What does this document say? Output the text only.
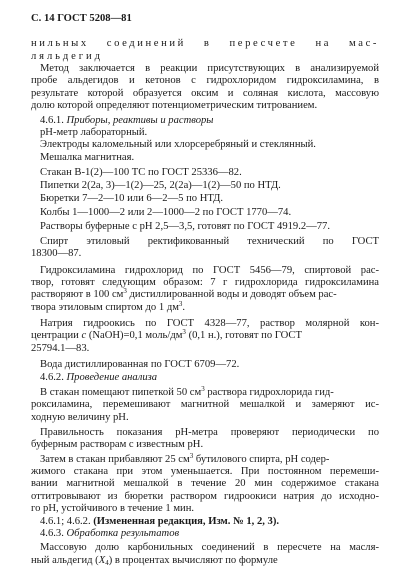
С. 14 ГОСТ 5208—81
нильных соединений в пересчете на мас-
ляльдегид
Метод заключается в реакции присутствующих в анализируемой
пробе альдегидов и кетонов с гидрохлоридом гидроксиламина, в
результате которой образуется оксим и соляная кислота, массовую
долю которой определяют потенциометрическим титрованием.
4.6.1. Приборы, реактивы и растворы
рН-метр лабораторный.
Электроды каломельный или хлорсеребряный и стеклянный.
Мешалка магнитная.
Стакан В-1(2)—100 ТС по ГОСТ 25336—82.
Пипетки 2(2а, 3)—1(2)—25, 2(2а)—1(2)—50 по НТД.
Бюретки 7—2—10 или 6—2—5 по НТД.
Колбы 1—1000—2 или 2—1000—2 по ГОСТ 1770—74.
Растворы буферные с рН 2,5—3,5, готовят по ГОСТ 4919.2—77.
Спирт этиловый ректификованный технический по ГОСТ
18300—87.
Гидроксиламина гидрохлорид по ГОСТ 5456—79, спиртовой рас-
твор, готовят следующим образом: 7 г гидрохлорида гидроксиламина
растворяют в 100 $см^3$ дистиллированной воды и доводят объем рас-
твора этиловым спиртом до 1 $дм^3$.
Натрия гидроокись по ГОСТ 4328—77, раствор молярной кон-
центрации c (NaOH)=0,1 моль/$дм^3$ (0,1 н.), готовят по ГОСТ
25794.1—83.
Вода дистиллированная по ГОСТ 6709—72.
4.6.2. Проведение анализа
В стакан помещают пипеткой 50 $см^3$ раствора гидрохлорида гид-
роксиламина, перемешивают магнитной мешалкой и замеряют ис-
ходную величину рН.
Правильность показания рН-метра проверяют периодически по
буферным растворам с известным рН.
Затем в стакан прибавляют 25 $см^3$ бутилового спирта, рН содер-
жимого стакана при этом уменьшается. При постоянном перемеши-
вании магнитной мешалкой в течение 20 мин содержимое стакана
оттитровывают из бюретки раствором гидроокиси натрия до исходно-
го рН, устойчивого в течение 1 мин.
4.6.1; 4.6.2. (Измененная редакция, Изм. № 1, 2, 3).
4.6.3. Обработка результатов
Массовую долю карбонильных соединений в пересчете на масля-
ный альдегид $(X_4)$ в процентах вычисляют по формуле
